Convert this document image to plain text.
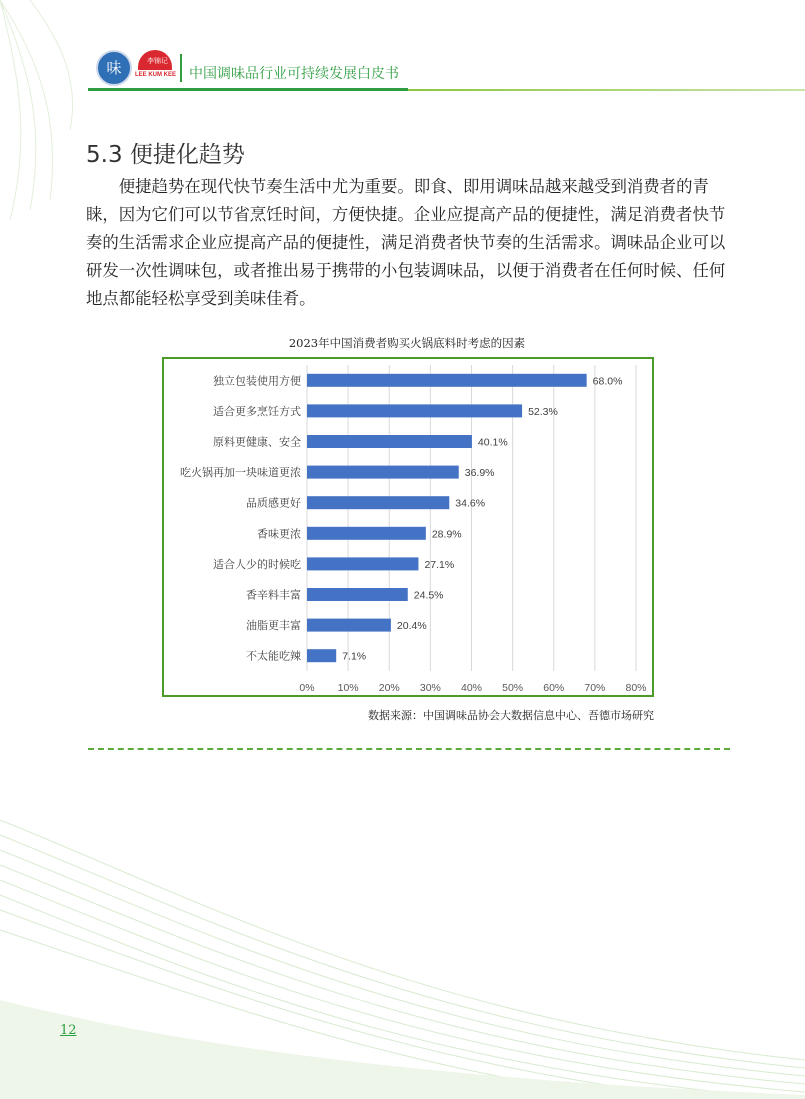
味	李锦记
LEE KUM KEE 中国调味品行业可持续发展白皮书
5.3 便捷化趋势

便捷趋势在现代快节奏生活中尤为重要。即食、即用调味品越来越受到消费者的青睐，因为它们可以节省烹饪时间，方便快捷。企业应提高产品的便捷性，满足消费者快节奏的生活需求企业应提高产品的便捷性，满足消费者快节奏的生活需求。调味品企业可以研发一次性调味包，或者推出易于携带的小包装调味品，以便于消费者在任何时候、任何地点都能轻松享受到美味佳肴。

2023年中国消费者购买火锅底料时考虑的因素
0% 10% 20% 30% 40% 50% 60% 70% 80%
独立包装使用方便	68.0%
适合更多烹饪方式	52.3%
原料更健康、安全	40.1%
吃火锅再加一块味道更浓	36.9%
品质感更好	34.6%
香味更浓	28.9%
适合人少的时候吃	27.1%
香辛料丰富	24.5%
油脂更丰富	20.4%
不太能吃辣	7.1%
数据来源：中国调味品协会大数据信息中心、吾德市场研究
12
